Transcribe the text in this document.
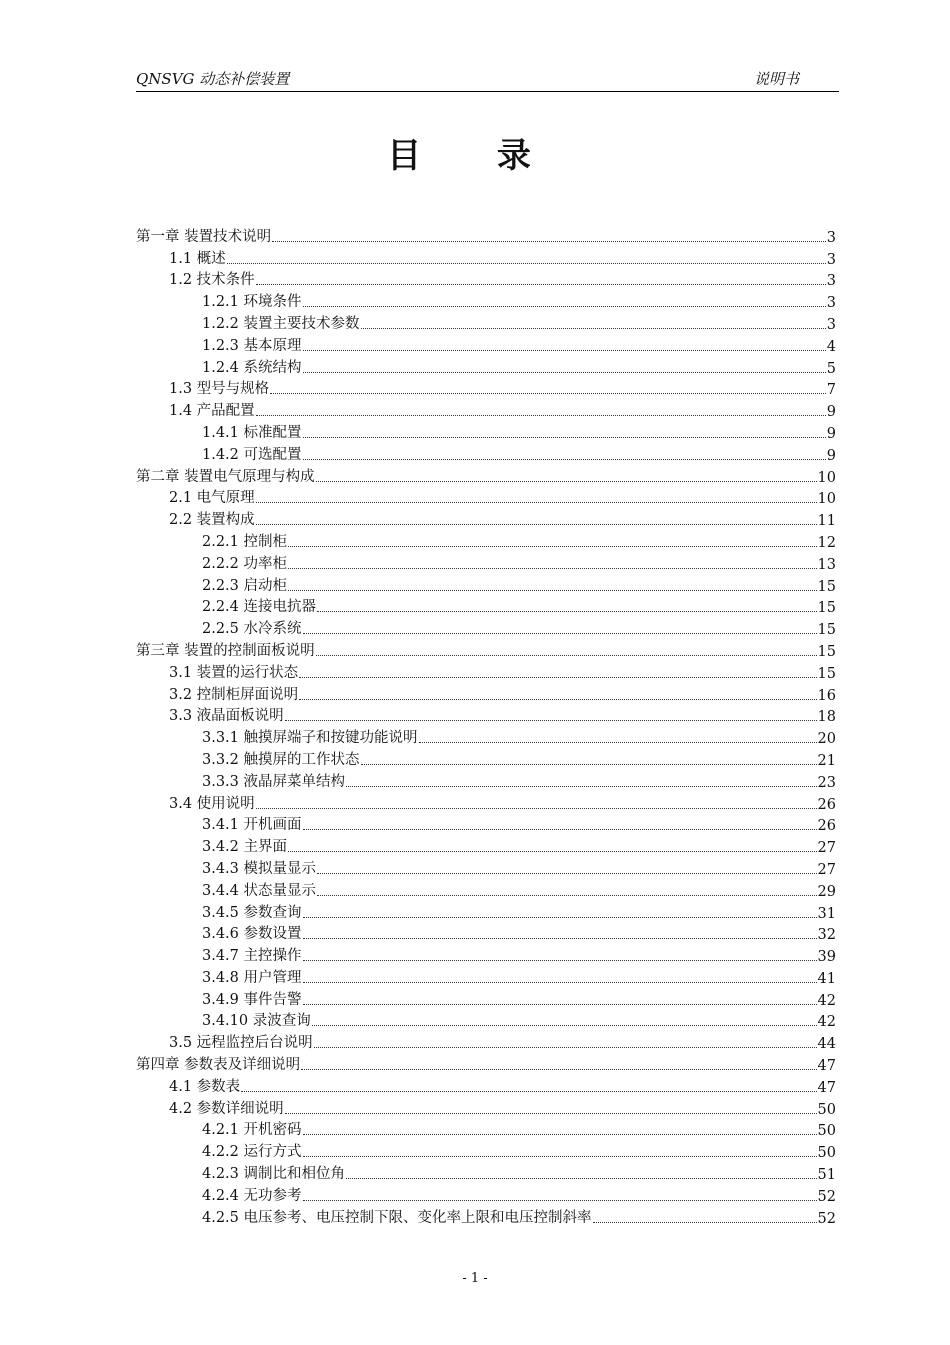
QNSVG 动态补偿装置	说明书
目 录
第一章 装置技术说明	3
1.1 概述	3
1.2 技术条件	3
1.2.1 环境条件	3
1.2.2 装置主要技术参数	3
1.2.3 基本原理	4
1.2.4 系统结构	5
1.3 型号与规格	7
1.4 产品配置	9
1.4.1 标准配置	9
1.4.2 可选配置	9
第二章 装置电气原理与构成	10
2.1 电气原理	10
2.2 装置构成	11
2.2.1 控制柜	12
2.2.2 功率柜	13
2.2.3 启动柜	15
2.2.4 连接电抗器	15
2.2.5 水冷系统	15
第三章 装置的控制面板说明	15
3.1 装置的运行状态	15
3.2 控制柜屏面说明	16
3.3 液晶面板说明	18
3.3.1 触摸屏端子和按键功能说明	20
3.3.2 触摸屏的工作状态	21
3.3.3 液晶屏菜单结构	23
3.4 使用说明	26
3.4.1 开机画面	26
3.4.2 主界面	27
3.4.3 模拟量显示	27
3.4.4 状态量显示	29
3.4.5 参数查询	31
3.4.6 参数设置	32
3.4.7 主控操作	39
3.4.8 用户管理	41
3.4.9 事件告警	42
3.4.10 录波查询	42
3.5 远程监控后台说明	44
第四章 参数表及详细说明	47
4.1 参数表	47
4.2 参数详细说明	50
4.2.1 开机密码	50
4.2.2 运行方式	50
4.2.3 调制比和相位角	51
4.2.4 无功参考	52
4.2.5 电压参考、电压控制下限、变化率上限和电压控制斜率	52
- 1 -
